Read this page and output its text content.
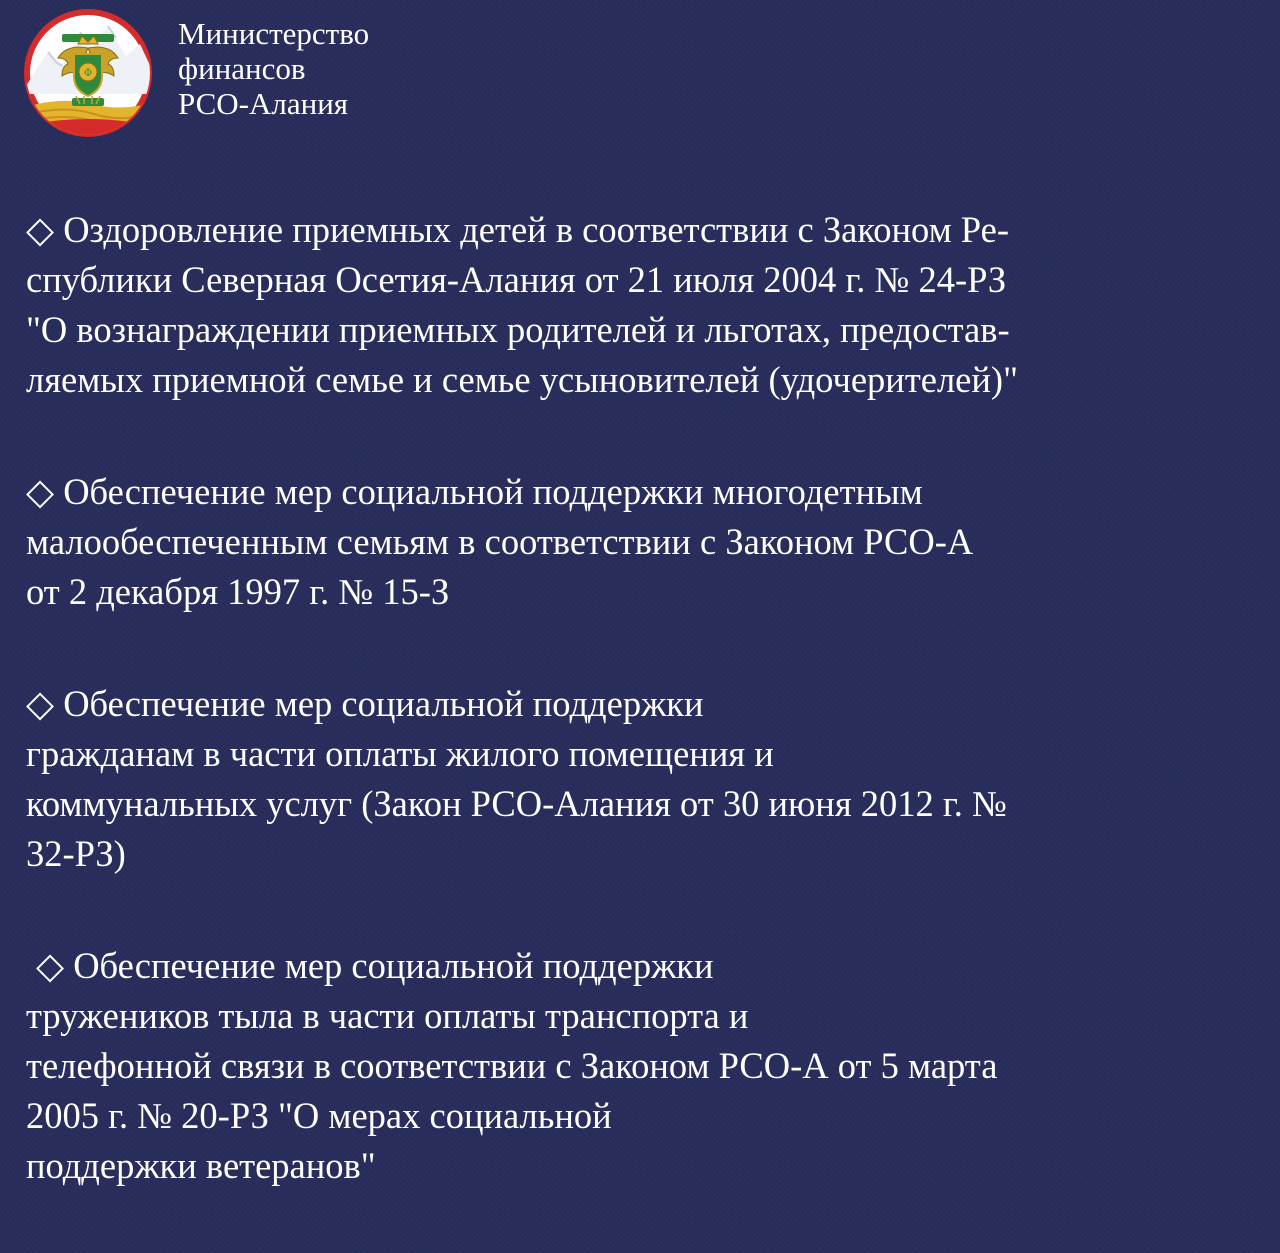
Ф
Министерство
финансов
РСО-Алания
◇ Оздоровление приемных детей в соответствии с Законом Ре-
спублики Северная Осетия-Алания от 21 июля 2004 г. № 24-РЗ
"О вознаграждении приемных родителей и льготах, предостав-
ляемых приемной семье и семье усыновителей (удочерителей)"
◇ Обеспечение мер социальной поддержки многодетным
малообеспеченным семьям в соответствии с Законом РСО-А
от 2 декабря 1997 г. № 15-З
◇ Обеспечение мер социальной поддержки
гражданам в части оплаты жилого помещения и
коммунальных услуг (Закон РСО-Алания от 30 июня 2012 г. №
32-РЗ)
◇ Обеспечение мер социальной поддержки
тружеников тыла в части оплаты транспорта и
телефонной связи в соответствии с Законом РСО-А от 5 марта
2005 г. № 20-РЗ "О мерах социальной
поддержки ветеранов"
